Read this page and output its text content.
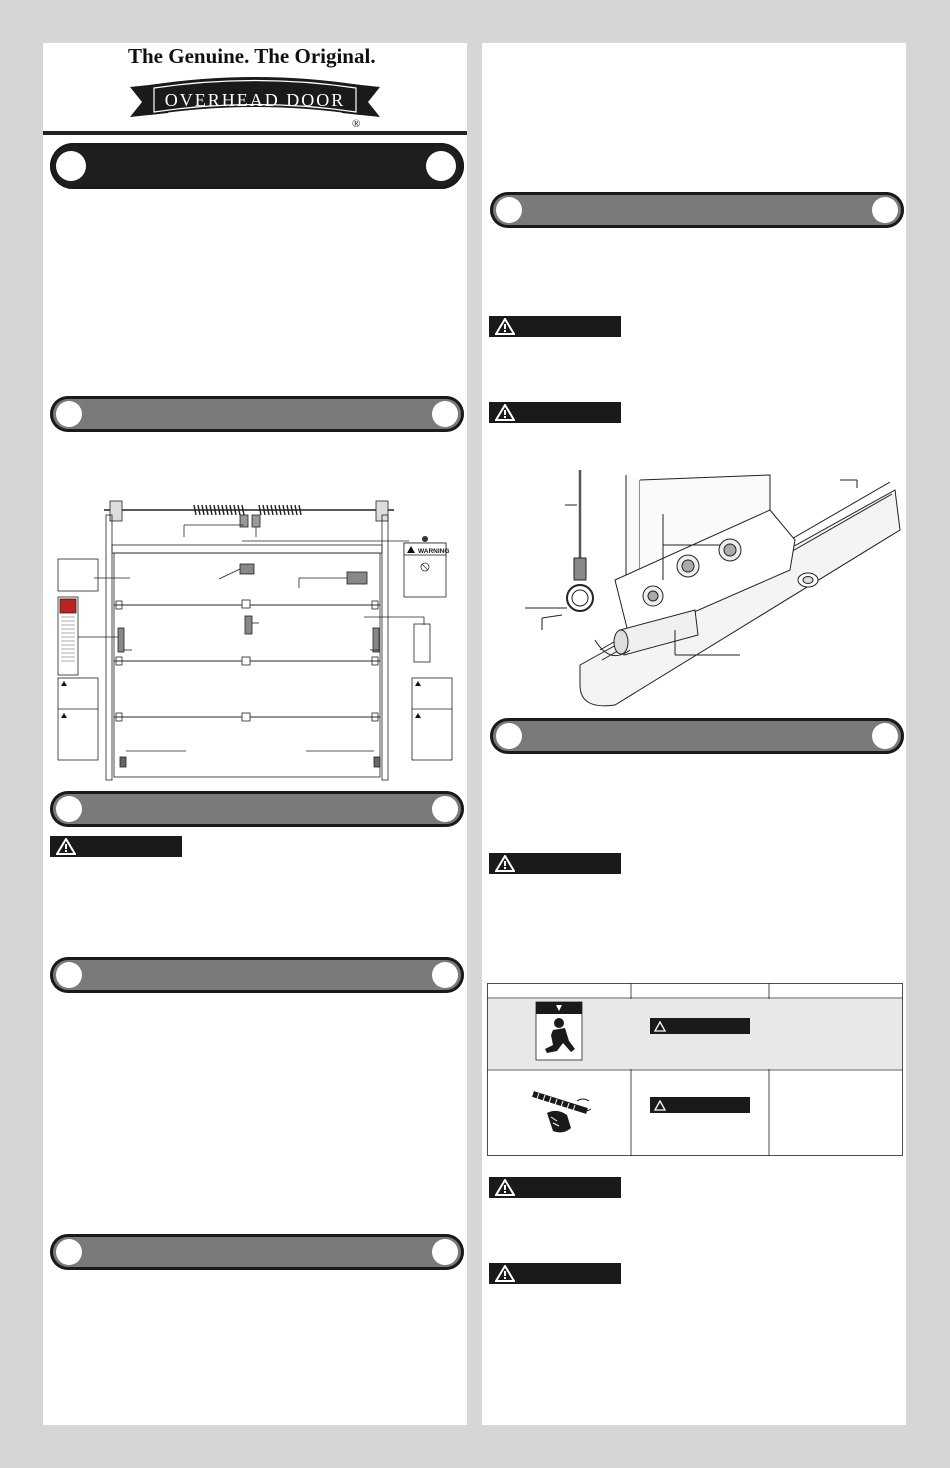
The Genuine. The Original.
OVERHEAD DOOR
®
WARNING
